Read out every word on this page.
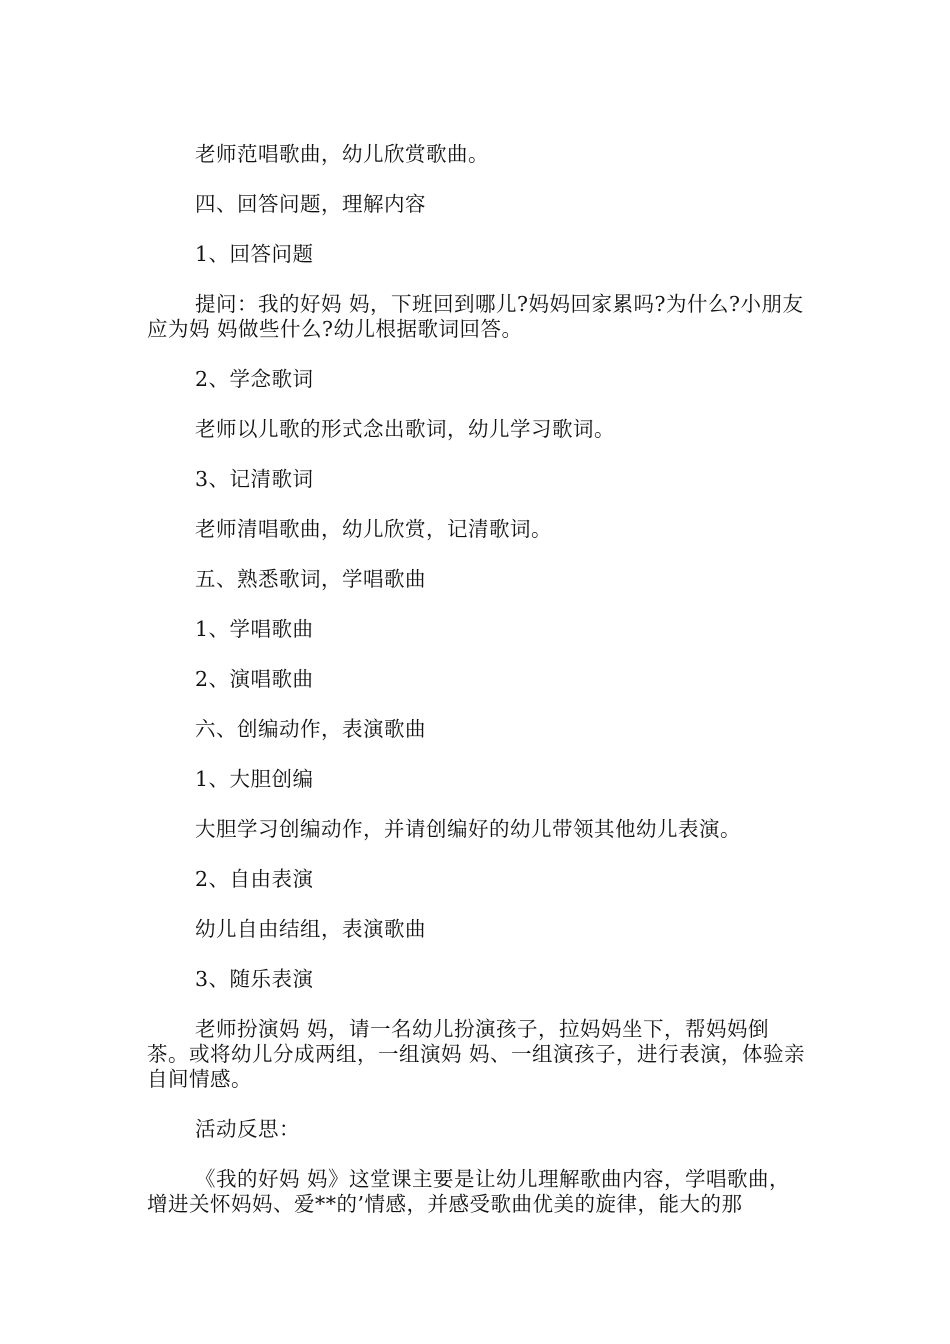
老师范唱歌曲，幼儿欣赏歌曲。

四、回答问题，理解内容

1、回答问题

提问：我的好妈 妈，下班回到哪儿?妈妈回家累吗?为什么?小朋友应为妈 妈做些什么?幼儿根据歌词回答。

2、学念歌词

老师以儿歌的形式念出歌词，幼儿学习歌词。

3、记清歌词

老师清唱歌曲，幼儿欣赏，记清歌词。

五、熟悉歌词，学唱歌曲

1、学唱歌曲

2、演唱歌曲

六、创编动作，表演歌曲

1、大胆创编

大胆学习创编动作，并请创编好的幼儿带领其他幼儿表演。

2、自由表演

幼儿自由结组，表演歌曲

3、随乐表演

老师扮演妈 妈，请一名幼儿扮演孩子，拉妈妈坐下，帮妈妈倒茶。或将幼儿分成两组，一组演妈 妈、一组演孩子，进行表演，体验亲自间情感。

活动反思：

《我的好妈 妈》这堂课主要是让幼儿理解歌曲内容，学唱歌曲，增进关怀妈妈、爱**的’情感，并感受歌曲优美的旋律，能大的那
